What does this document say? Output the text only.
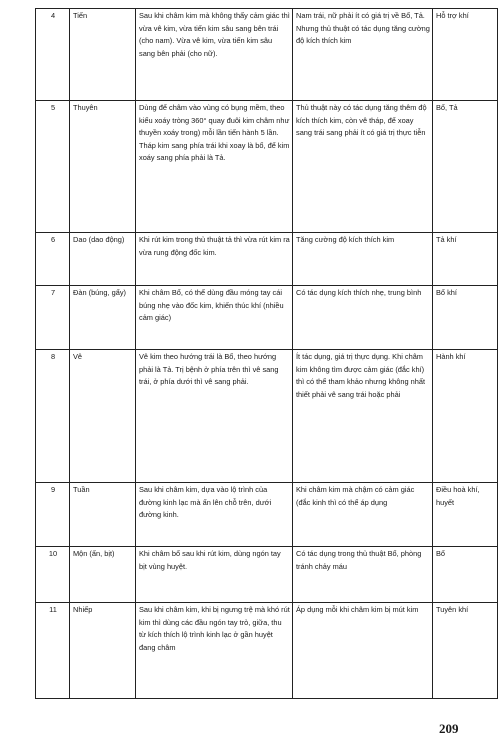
4	Tiến	Sau khi châm kim mà không thấy cảm giác thì vừa vê kim, vừa tiến kim sâu sang bên trái (cho nam). Vừa vê kim, vừa tiến kim sâu sang bên phải (cho nữ).	Nam trái, nữ phải ít có giá trị về Bổ, Tả. Nhưng thủ thuật có tác dụng tăng cường độ kích thích kim	Hỗ trợ khí
5	Thuyên	Dùng để châm vào vùng có bụng mềm, theo kiểu xoáy tròng 360° quay đuôi kim châm như thuyền xoáy trong) mỗi lần tiến hành 5 lần. Tháp kim sang phía trái khi xoay là bổ, để kim xoáy sang phía phải là Tả.	Thủ thuật này có tác dụng tăng thêm độ kích thích kim, còn vê tháp, để xoay sang trái sang phải ít có giá trị thực tiễn	Bổ, Tả
6	Dao (dao động)	Khi rút kim trong thủ thuật tả thì vừa rút kim ra vừa rung động đốc kim.	Tăng cường độ kích thích kim	Tả khí
7	Đàn (búng, gẩy)	Khi châm Bổ, có thể dùng đầu móng tay cái búng nhẹ vào đốc kim, khiến thúc khí (nhiều cảm giác)	Có tác dụng kích thích nhẹ, trung bình	Bổ khí
8	Vê	Vê kim theo hướng trái là Bổ, theo hướng phải là Tả. Trị bệnh ở phía trên thì vê sang trái, ở phía dưới thì vê sang phải.	Ít tác dụng, giá trị thực dụng. Khi châm kim không tìm được cảm giác (đắc khí) thì có thể tham khảo nhưng không nhất thiết phải vê sang trái hoặc phải	Hành khí
9	Tuần	Sau khi châm kim, dựa vào lộ trình của đường kinh lạc mà ấn lên chỗ trên, dưới đường kinh.	Khi châm kim mà chậm có cảm giác (đắc kinh thì có thể áp dụng	Điều hoà khí, huyết
10	Mộn (ấn, bịt)	Khi châm bổ sau khi rút kim, dùng ngón tay bịt vùng huyệt.	Có tác dụng trong thủ thuật Bổ, phòng tránh chảy máu	Bổ
11	Nhiếp	Sau khi châm kim, khi bị ngưng trệ mà khó rút kim thì dùng các đầu ngón tay trỏ, giữa, thu từ kích thích lộ trình kinh lạc ở gần huyệt đang châm	Áp dụng mỗi khi châm kim bị mút kim	Tuyên khí
209
